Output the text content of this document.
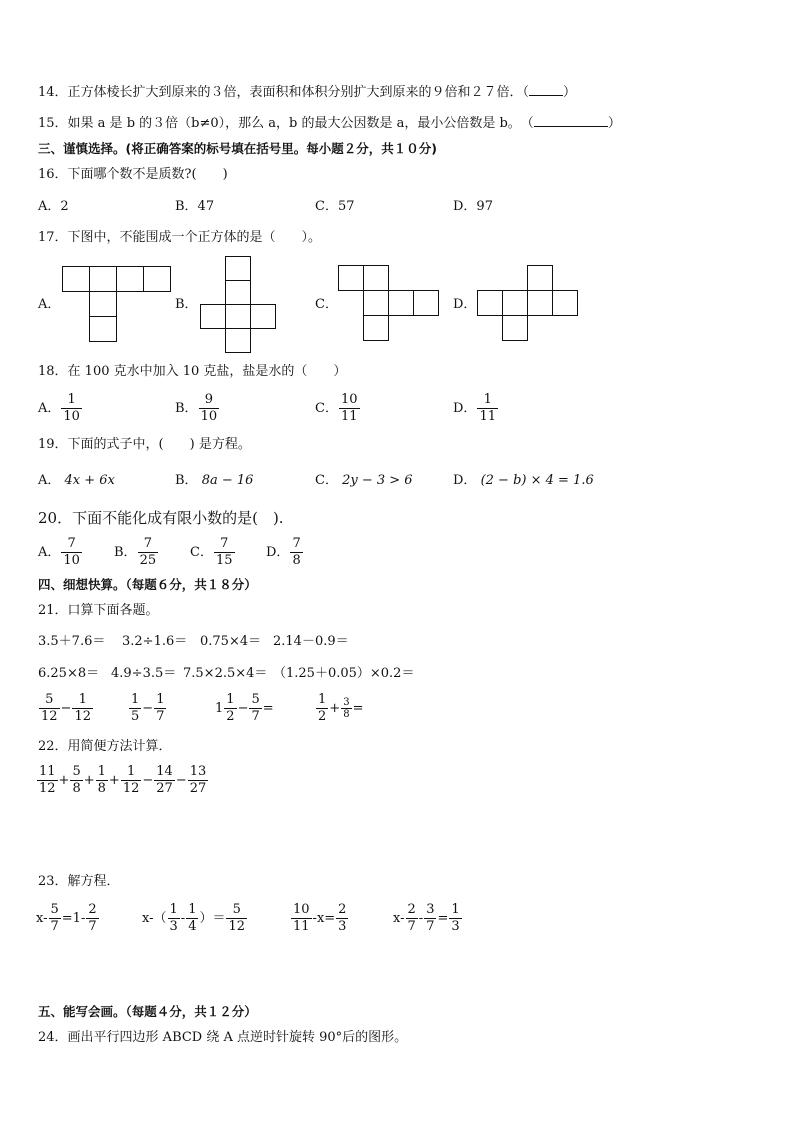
14．正方体棱长扩大到原来的３倍，表面积和体积分别扩大到原来的９倍和２７倍．（	）
15．如果 a 是 b 的３倍（b≠0），那么 a，b 的最大公因数是 a，最小公倍数是 b。　（	）
三、谨慎选择。(将正确答案的标号填在括号里。每小题２分，共１０分)
16．下面哪个数不是质数?(　　)
A．2	B．47	C．57	D．97
17．下图中，不能围成一个正方体的是（　　）。
A．	B．	C．	D．
18．在 100 克水中加入 10 克盐，盐是水的（　　）
A． $\frac{1}{10}$	B． $\frac{9}{10}$	C． $\frac{10}{11}$	D． $\frac{1}{11}$
19．下面的式子中，(　　) 是方程。
A． 4x + 6x	B． 8a − 16	C． 2y − 3 > 6	D． (2 − b) × 4 = 1.6
20．下面不能化成有限小数的是(　).
A． $\frac{7}{10}$ B． $\frac{7}{25}$ C． $\frac{7}{15}$ D． $\frac{7}{8}$
四、细想快算。（每题６分，共１８分）
21．口算下面各题。
3.5＋7.6＝ 3.2÷1.6＝ 0.75×4＝ 2.14－0.9＝
6.25×8＝ 4.9÷3.5＝ 7.5×2.5×4＝ （1.25＋0.05）×0.2＝
$\frac{5}{12} - \frac{1}{12}$	$\frac{1}{5} - \frac{1}{7}$	$1 \frac{1}{2} - \frac{5}{7}$ =	$\frac{1}{2} + \frac{3}{8}$ =
22．用简便方法计算．
$\frac{11}{12} + \frac{5}{8} + \frac{1}{8} + \frac{1}{12} - \frac{14}{27} - \frac{13}{27}$
23．解方程．
$x- \frac{5}{7} =1- \frac{2}{7}$	$x-( \frac{1}{3} - \frac{1}{4}$ ）＝ $\frac{5}{12}$	$\frac{10}{11} -x= \frac{2}{3}$	$x- \frac{2}{7} - \frac{3}{7} = \frac{1}{3}$
五、能写会画。（每题４分，共１２分）
24．画出平行四边形 ABCD 绕 A 点逆时针旋转 90°后的图形。
